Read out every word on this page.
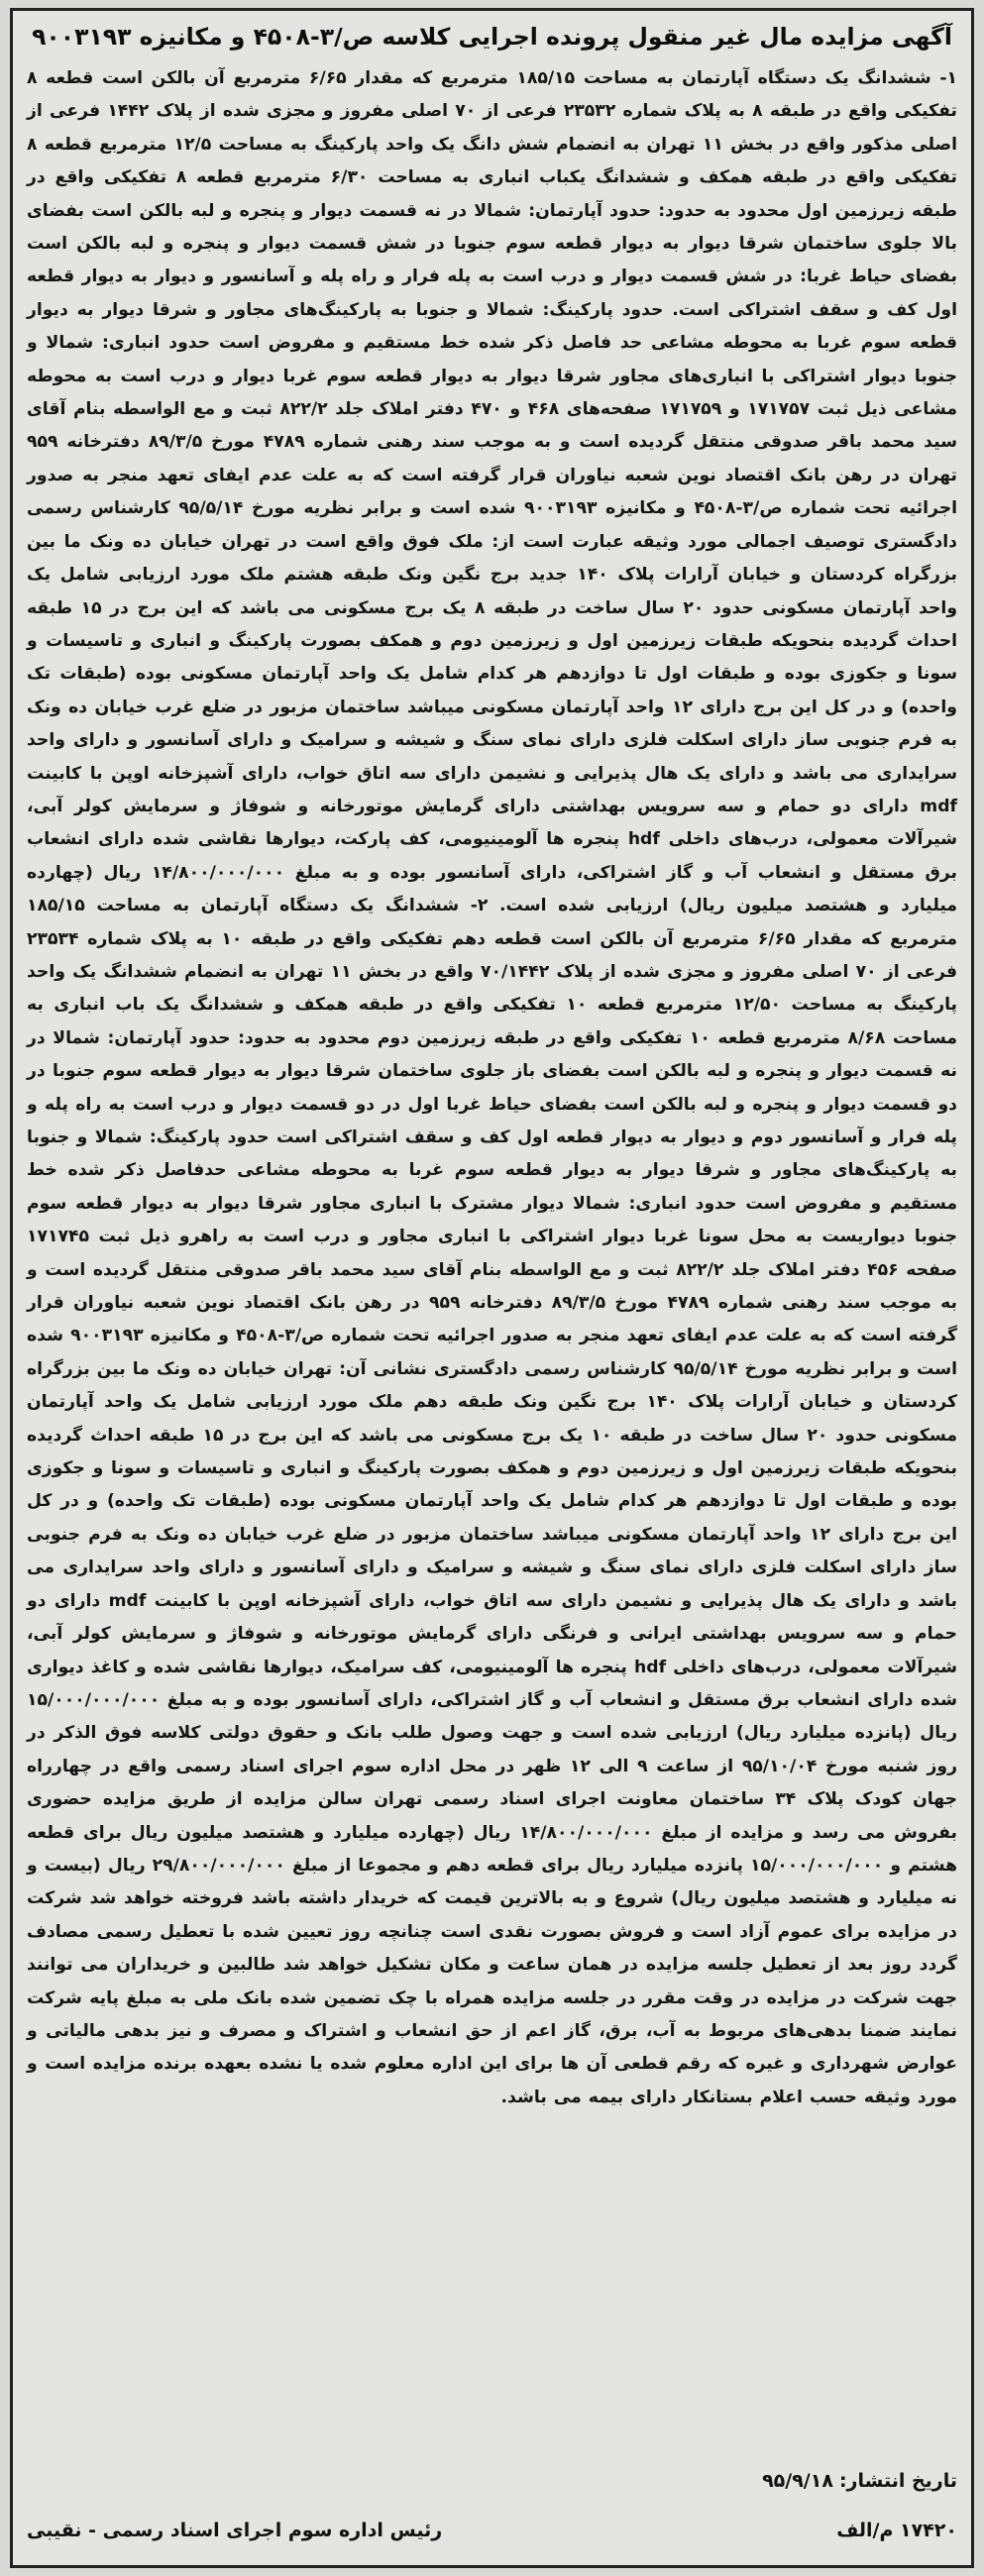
آگهی مزایده مال غیر منقول پرونده اجرایی کلاسه ص/۳-۴۵۰۸ و مکانیزه ۹۰۰۳۱۹۳

۱- ششدانگ یک دستگاه آپارتمان به مساحت ۱۸۵/۱۵ مترمربع که مقدار ۶/۶۵ مترمربع آن بالکن است قطعه ۸ تفکیکی واقع در طبقه ۸ به پلاک شماره ۲۳۵۳۲ فرعی از ۷۰ اصلی مفروز و مجزی شده از پلاک ۱۴۴۲ فرعی از اصلی مذکور واقع در بخش ۱۱ تهران به انضمام شش دانگ یک واحد پارکینگ به مساحت ۱۲/۵ مترمربع قطعه ۸ تفکیکی واقع در طبقه همکف و ششدانگ یکباب انباری به مساحت ۶/۳۰ مترمربع قطعه ۸ تفکیکی واقع در طبقه زیرزمین اول محدود به حدود: حدود آپارتمان: شمالا در نه قسمت دیوار و پنجره و لبه بالکن است بفضای بالا جلوی ساختمان شرقا دیوار به دیوار قطعه سوم جنوبا در شش قسمت دیوار و پنجره و لبه بالکن است بفضای حیاط غربا: در شش قسمت دیوار و درب است به پله فرار و راه پله و آسانسور و دیوار به دیوار قطعه اول کف و سقف اشتراکی است. حدود پارکینگ: شمالا و جنوبا به پارکینگ‌های مجاور و شرقا دیوار به دیوار قطعه سوم غربا به محوطه مشاعی حد فاصل ذکر شده خط مستقیم و مفروض است حدود انباری: شمالا و جنوبا دیوار اشتراکی با انباری‌های مجاور شرقا دیوار به دیوار قطعه سوم غربا دیوار و درب است به محوطه مشاعی ذیل ثبت ۱۷۱۷۵۷ و ۱۷۱۷۵۹ صفحه‌های ۴۶۸ و ۴۷۰ دفتر املاک جلد ۸۲۲/۲ ثبت و مع الواسطه بنام آقای سید محمد باقر صدوقی منتقل گردیده است و به موجب سند رهنی شماره ۴۷۸۹ مورخ ۸۹/۳/۵ دفترخانه ۹۵۹ تهران در رهن بانک اقتصاد نوین شعبه نیاوران قرار گرفته است که به علت عدم ایفای تعهد منجر به صدور اجرائیه تحت شماره ص/۳-۴۵۰۸ و مکانیزه ۹۰۰۳۱۹۳ شده است و برابر نظریه مورخ ۹۵/۵/۱۴ کارشناس رسمی دادگستری توصیف اجمالی مورد وثیقه عبارت است از: ملک فوق واقع است در تهران خیابان ده ونک ما بین بزرگراه کردستان و خیابان آرارات پلاک ۱۴۰ جدید برج نگین ونک طبقه هشتم ملک مورد ارزیابی شامل یک واحد آپارتمان مسکونی حدود ۲۰ سال ساخت در طبقه ۸ یک برج مسکونی می باشد که این برج در ۱۵ طبقه احداث گردیده بنحویکه طبقات زیرزمین اول و زیرزمین دوم و همکف بصورت پارکینگ و انباری و تاسیسات و سونا و جکوزی بوده و طبقات اول تا دوازدهم هر کدام شامل یک واحد آپارتمان مسکونی بوده (طبقات تک واحده) و در کل این برج دارای ۱۲ واحد آپارتمان مسکونی میباشد ساختمان مزبور در ضلع غرب خیابان ده ونک به فرم جنوبی ساز دارای اسکلت فلزی دارای نمای سنگ و شیشه و سرامیک و دارای آسانسور و دارای واحد سرایداری می باشد و دارای یک هال پذیرایی و نشیمن دارای سه اتاق خواب، دارای آشپزخانه اوپن با کابینت mdf دارای دو حمام و سه سرویس بهداشتی دارای گرمایش موتورخانه و شوفاژ و سرمایش کولر آبی، شیرآلات معمولی، درب‌های داخلی hdf پنجره ها آلومینیومی، کف پارکت، دیوارها نقاشی شده دارای انشعاب برق مستقل و انشعاب آب و گاز اشتراکی، دارای آسانسور بوده و به مبلغ ۱۴/۸۰۰/۰۰۰/۰۰۰ ریال (چهارده میلیارد و هشتصد میلیون ریال) ارزیابی شده است. ۲- ششدانگ یک دستگاه آپارتمان به مساحت ۱۸۵/۱۵ مترمربع که مقدار ۶/۶۵ مترمربع آن بالکن است قطعه دهم تفکیکی واقع در طبقه ۱۰ به پلاک شماره ۲۳۵۳۴ فرعی از ۷۰ اصلی مفروز و مجزی شده از پلاک ۷۰/۱۴۴۲ واقع در بخش ۱۱ تهران به انضمام ششدانگ یک واحد پارکینگ به مساحت ۱۲/۵۰ مترمربع قطعه ۱۰ تفکیکی واقع در طبقه همکف و ششدانگ یک باب انباری به مساحت ۸/۶۸ مترمربع قطعه ۱۰ تفکیکی واقع در طبقه زیرزمین دوم محدود به حدود: حدود آپارتمان: شمالا در نه قسمت دیوار و پنجره و لبه بالکن است بفضای باز جلوی ساختمان شرقا دیوار به دیوار قطعه سوم جنوبا در دو قسمت دیوار و پنجره و لبه بالکن است بفضای حیاط غربا اول در دو قسمت دیوار و درب است به راه پله و پله فرار و آسانسور دوم و دیوار به دیوار قطعه اول کف و سقف اشتراکی است حدود پارکینگ: شمالا و جنوبا به پارکینگ‌های مجاور و شرقا دیوار به دیوار قطعه سوم غربا به محوطه مشاعی حدفاصل ذکر شده خط مستقیم و مفروض است حدود انباری: شمالا دیوار مشترک با انباری مجاور شرقا دیوار به دیوار قطعه سوم جنوبا دیواریست به محل سونا غربا دیوار اشتراکی با انباری مجاور و درب است به راهرو ذیل ثبت ۱۷۱۷۴۵ صفحه ۴۵۶ دفتر املاک جلد ۸۲۲/۲ ثبت و مع الواسطه بنام آقای سید محمد باقر صدوقی منتقل گردیده است و به موجب سند رهنی شماره ۴۷۸۹ مورخ ۸۹/۳/۵ دفترخانه ۹۵۹ در رهن بانک اقتصاد نوین شعبه نیاوران قرار گرفته است که به علت عدم ایفای تعهد منجر به صدور اجرائیه تحت شماره ص/۳-۴۵۰۸ و مکانیزه ۹۰۰۳۱۹۳ شده است و برابر نظریه مورخ ۹۵/۵/۱۴ کارشناس رسمی دادگستری نشانی آن: تهران خیابان ده ونک ما بین بزرگراه کردستان و خیابان آرارات پلاک ۱۴۰ برج نگین ونک طبقه دهم ملک مورد ارزیابی شامل یک واحد آپارتمان مسکونی حدود ۲۰ سال ساخت در طبقه ۱۰ یک برج مسکونی می باشد که این برج در ۱۵ طبقه احداث گردیده بنحویکه طبقات زیرزمین اول و زیرزمین دوم و همکف بصورت پارکینگ و انباری و تاسیسات و سونا و جکوزی بوده و طبقات اول تا دوازدهم هر کدام شامل یک واحد آپارتمان مسکونی بوده (طبقات تک واحده) و در کل این برج دارای ۱۲ واحد آپارتمان مسکونی میباشد ساختمان مزبور در ضلع غرب خیابان ده ونک به فرم جنوبی ساز دارای اسکلت فلزی دارای نمای سنگ و شیشه و سرامیک و دارای آسانسور و دارای واحد سرایداری می باشد و دارای یک هال پذیرایی و نشیمن دارای سه اتاق خواب، دارای آشپزخانه اوپن با کابینت mdf دارای دو حمام و سه سرویس بهداشتی ایرانی و فرنگی دارای گرمایش موتورخانه و شوفاژ و سرمایش کولر آبی، شیرآلات معمولی، درب‌های داخلی hdf پنجره ها آلومینیومی، کف سرامیک، دیوارها نقاشی شده و کاغذ دیواری شده دارای انشعاب برق مستقل و انشعاب آب و گاز اشتراکی، دارای آسانسور بوده و به مبلغ ۱۵/۰۰۰/۰۰۰/۰۰۰ ریال (پانزده میلیارد ریال) ارزیابی شده است و جهت وصول طلب بانک و حقوق دولتی کلاسه فوق الذکر در روز شنبه مورخ ۹۵/۱۰/۰۴ از ساعت ۹ الی ۱۲ ظهر در محل اداره سوم اجرای اسناد رسمی واقع در چهارراه جهان کودک پلاک ۳۴ ساختمان معاونت اجرای اسناد رسمی تهران سالن مزایده از طریق مزایده حضوری بفروش می رسد و مزایده از مبلغ ۱۴/۸۰۰/۰۰۰/۰۰۰ ریال (چهارده میلیارد و هشتصد میلیون ریال برای قطعه هشتم و ۱۵/۰۰۰/۰۰۰/۰۰۰ پانزده میلیارد ریال برای قطعه دهم و مجموعا از مبلغ ۲۹/۸۰۰/۰۰۰/۰۰۰ ریال (بیست و نه میلیارد و هشتصد میلیون ریال) شروع و به بالاترین قیمت که خریدار داشته باشد فروخته خواهد شد شرکت در مزایده برای عموم آزاد است و فروش بصورت نقدی است چنانچه روز تعیین شده با تعطیل رسمی مصادف گردد روز بعد از تعطیل جلسه مزایده در همان ساعت و مکان تشکیل خواهد شد طالبین و خریداران می توانند جهت شرکت در مزایده در وقت مقرر در جلسه مزایده همراه با چک تضمین شده بانک ملی به مبلغ پایه شرکت نمایند ضمنا بدهی‌های مربوط به آب، برق، گاز اعم از حق انشعاب و اشتراک و مصرف و نیز بدهی مالیاتی و عوارض شهرداری و غیره که رقم قطعی آن ها برای این اداره معلوم شده یا نشده بعهده برنده مزایده است و مورد وثیقه حسب اعلام بستانکار دارای بیمه می باشد.

تاریخ انتشار:
۹۵/۹/۱۸
۱۷۴۲۰ م/الف
رئیس اداره سوم اجرای اسناد رسمی - نقیبی
